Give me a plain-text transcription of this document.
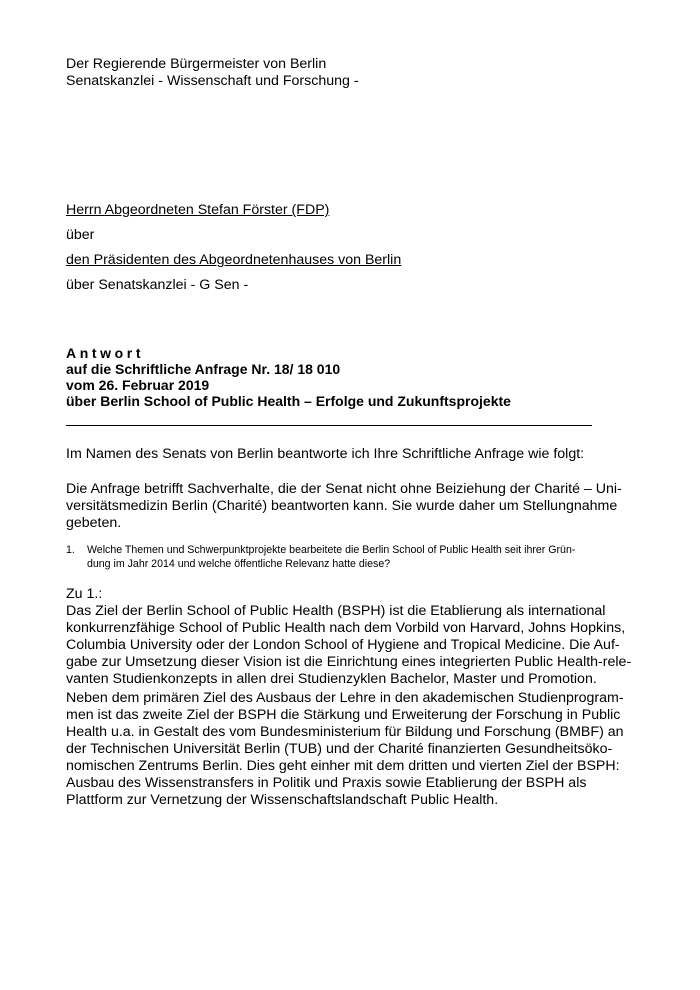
Der Regierende Bürgermeister von Berlin
Senatskanzlei - Wissenschaft und Forschung -
Herrn Abgeordneten Stefan Förster (FDP)
über
den Präsidenten des Abgeordnetenhauses von Berlin
über Senatskanzlei - G Sen -
Antwort
auf die Schriftliche Anfrage Nr. 18/ 18 010
vom 26. Februar 2019
über Berlin School of Public Health – Erfolge und Zukunftsprojekte
Im Namen des Senats von Berlin beantworte ich Ihre Schriftliche Anfrage wie folgt:
Die Anfrage betrifft Sachverhalte, die der Senat nicht ohne Beiziehung der Charité – Uni-
versitätsmedizin Berlin (Charité) beantworten kann. Sie wurde daher um Stellungnahme
gebeten.
1. Welche Themen und Schwerpunktprojekte bearbeitete die Berlin School of Public Health seit ihrer Grün-
dung im Jahr 2014 und welche öffentliche Relevanz hatte diese?
Zu 1.:
Das Ziel der Berlin School of Public Health (BSPH) ist die Etablierung als international
konkurrenzfähige School of Public Health nach dem Vorbild von Harvard, Johns Hopkins,
Columbia University oder der London School of Hygiene and Tropical Medicine. Die Auf-
gabe zur Umsetzung dieser Vision ist die Einrichtung eines integrierten Public Health-rele-
vanten Studienkonzepts in allen drei Studienzyklen Bachelor, Master und Promotion.
Neben dem primären Ziel des Ausbaus der Lehre in den akademischen Studienprogram-
men ist das zweite Ziel der BSPH die Stärkung und Erweiterung der Forschung in Public
Health u.a. in Gestalt des vom Bundesministerium für Bildung und Forschung (BMBF) an
der Technischen Universität Berlin (TUB) und der Charité finanzierten Gesundheitsöko-
nomischen Zentrums Berlin. Dies geht einher mit dem dritten und vierten Ziel der BSPH:
Ausbau des Wissenstransfers in Politik und Praxis sowie Etablierung der BSPH als
Plattform zur Vernetzung der Wissenschaftslandschaft Public Health.
